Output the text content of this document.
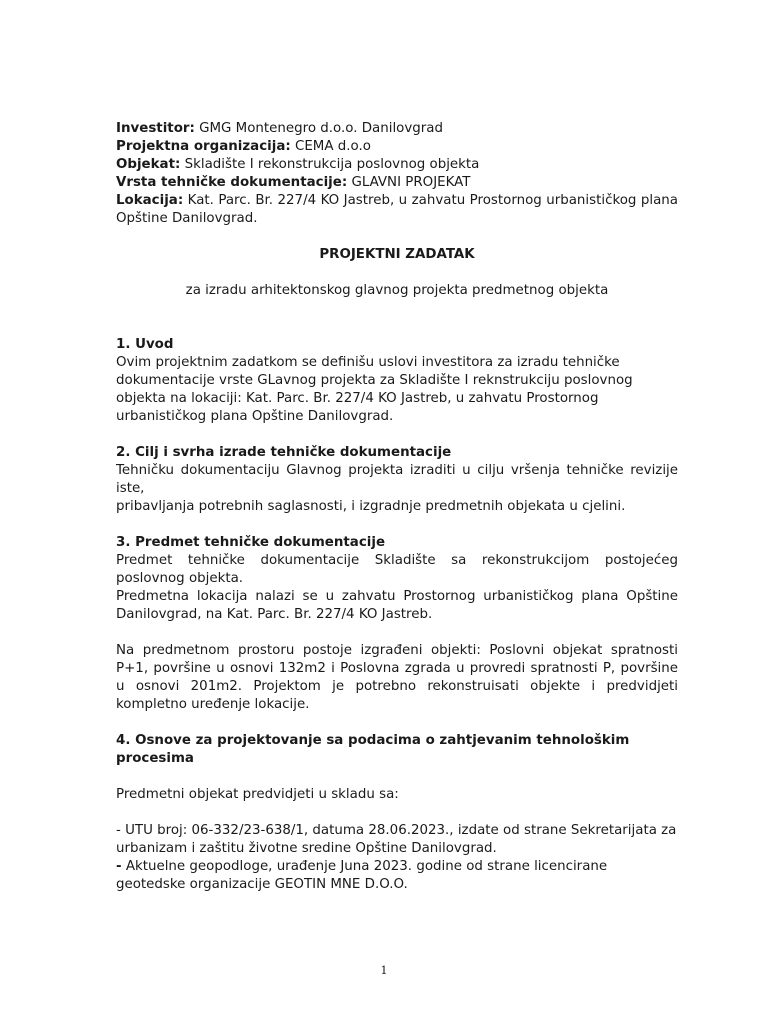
Investitor: GMG Montenegro d.o.o. Danilovgrad

Projektna organizacija: CEMA d.o.o

Objekat: Skladište I rekonstrukcija poslovnog objekta

Vrsta tehničke dokumentacije: GLAVNI PROJEKAT

Lokacija: Kat. Parc. Br. 227/4 KO Jastreb, u zahvatu Prostornog urbanističkog plana Opštine Danilovgrad.

PROJEKTNI ZADATAK

za izradu arhitektonskog glavnog projekta predmetnog objekta

1. Uvod

Ovim projektnim zadatkom se definišu uslovi investitora za izradu tehničke dokumentacije vrste GLavnog projekta za Skladište I reknstrukciju poslovnog objekta na lokaciji: Kat. Parc. Br. 227/4 KO Jastreb, u zahvatu Prostornog urbanističkog plana Opštine Danilovgrad.

2. Cilj i svrha izrade tehničke dokumentacije

Tehničku dokumentaciju Glavnog projekta izraditi u cilju vršenja tehničke revizije iste,

pribavljanja potrebnih saglasnosti, i izgradnje predmetnih objekata u cjelini.

3. Predmet tehničke dokumentacije

Predmet tehničke dokumentacije Skladište sa rekonstrukcijom postojećeg poslovnog objekta.

Predmetna lokacija nalazi se u zahvatu Prostornog urbanističkog plana Opštine Danilovgrad, na Kat. Parc. Br. 227/4 KO Jastreb.

Na predmetnom prostoru postoje izgrađeni objekti: Poslovni objekat spratnosti P+1, površine u osnovi 132m2 i Poslovna zgrada u provredi spratnosti P, površine u osnovi 201m2. Projektom je potrebno rekonstruisati objekte i predvidjeti kompletno uređenje lokacije.

4. Osnove za projektovanje sa podacima o zahtjevanim tehnološkim procesima

Predmetni objekat predvidjeti u skladu sa:

- UTU broj: 06-332/23-638/1, datuma 28.06.2023., izdate od strane Sekretarijata za urbanizam i zaštitu životne sredine Opštine Danilovgrad.

- Aktuelne geopodloge, urađenje Juna 2023. godine od strane licencirane geotedske organizacije GEOTIN MNE D.O.O.

1
